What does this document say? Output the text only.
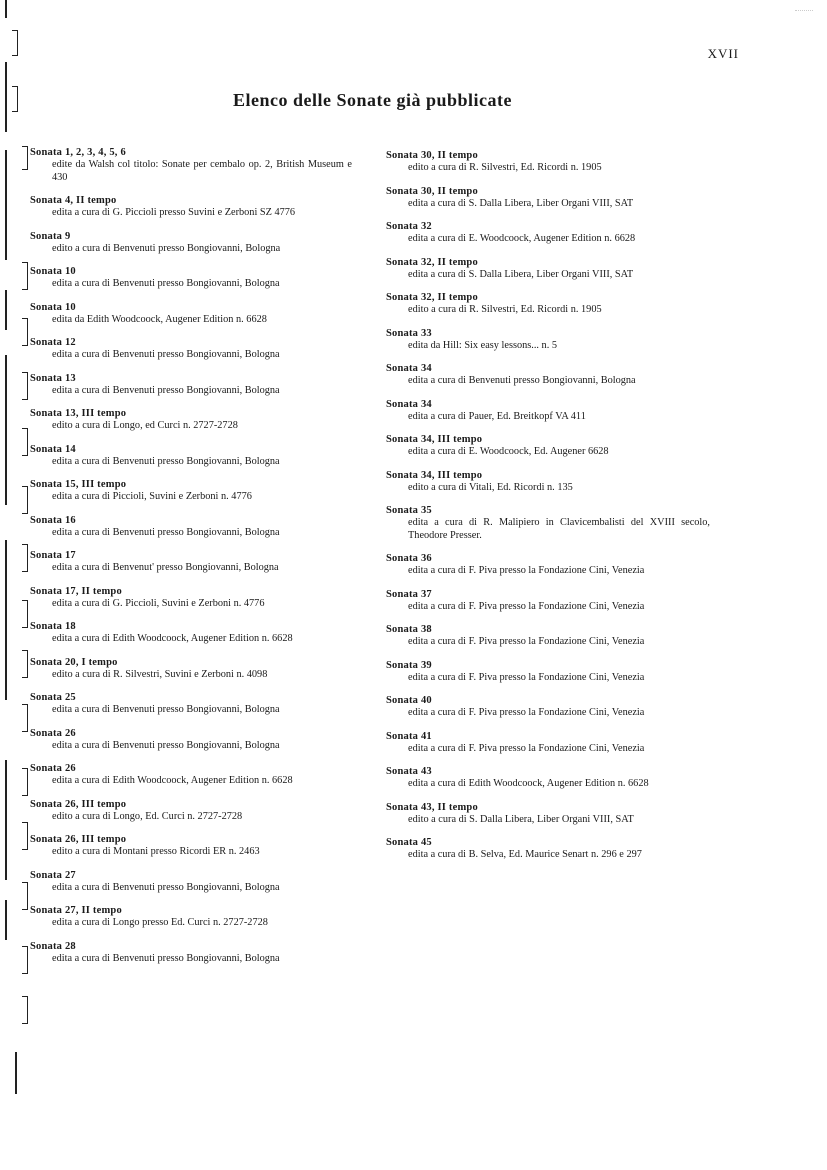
XVII
Elenco delle Sonate già pubblicate
Sonata 1, 2, 3, 4, 5, 6
edite da Walsh col titolo: Sonate per cembalo op. 2, British Museum e 430
Sonata 4, II tempo
edita a cura di G. Piccioli presso Suvini e Zerboni SZ 4776
Sonata 9
edito a cura di Benvenuti presso Bongiovanni, Bologna
Sonata 10
edita a cura di Benvenuti presso Bongiovanni, Bologna
Sonata 10
edita da Edith Woodcoock, Augener Edition n. 6628
Sonata 12
edita a cura di Benvenuti presso Bongiovanni, Bologna
Sonata 13
edita a cura di Benvenuti presso Bongiovanni, Bologna
Sonata 13, III tempo
edito a cura di Longo, ed Curci n. 2727-2728
Sonata 14
edita a cura di Benvenuti presso Bongiovanni, Bologna
Sonata 15, III tempo
edita a cura di Piccioli, Suvini e Zerboni n. 4776
Sonata 16
edita a cura di Benvenuti presso Bongiovanni, Bologna
Sonata 17
edita a cura di Benvenut' presso Bongiovanni, Bologna
Sonata 17, II tempo
edita a cura di G. Piccioli, Suvini e Zerboni n. 4776
Sonata 18
edita a cura di Edith Woodcoock, Augener Edition n. 6628
Sonata 20, I tempo
edito a cura di R. Silvestri, Suvini e Zerboni n. 4098
Sonata 25
edita a cura di Benvenuti presso Bongiovanni, Bologna
Sonata 26
edita a cura di Benvenuti presso Bongiovanni, Bologna
Sonata 26
edita a cura di Edith Woodcoock, Augener Edition n. 6628
Sonata 26, III tempo
edito a cura di Longo, Ed. Curci n. 2727-2728
Sonata 26, III tempo
edito a cura di Montani presso Ricordi ER n. 2463
Sonata 27
edita a cura di Benvenuti presso Bongiovanni, Bologna
Sonata 27, II tempo
edita a cura di Longo presso Ed. Curci n. 2727-2728
Sonata 28
edita a cura di Benvenuti presso Bongiovanni, Bologna
Sonata 30, II tempo
edito a cura di R. Silvestri, Ed. Ricordi n. 1905
Sonata 30, II tempo
edita a cura di S. Dalla Libera, Liber Organi VIII, SAT
Sonata 32
edita a cura di E. Woodcoock, Augener Edition n. 6628
Sonata 32, II tempo
edita a cura di S. Dalla Libera, Liber Organi VIII, SAT
Sonata 32, II tempo
edito a cura di R. Silvestri, Ed. Ricordi n. 1905
Sonata 33
edita da Hill: Six easy lessons... n. 5
Sonata 34
edita a cura di Benvenuti presso Bongiovanni, Bologna
Sonata 34
edita a cura di Pauer, Ed. Breitkopf VA 411
Sonata 34, III tempo
edita a cura di E. Woodcoock, Ed. Augener 6628
Sonata 34, III tempo
edito a cura di Vitali, Ed. Ricordi n. 135
Sonata 35
edita a cura di R. Malipiero in Clavicembalisti del XVIII secolo, Theodore Presser.
Sonata 36
edita a cura di F. Piva presso la Fondazione Cini, Venezia
Sonata 37
edita a cura di F. Piva presso la Fondazione Cini, Venezia
Sonata 38
edita a cura di F. Piva presso la Fondazione Cini, Venezia
Sonata 39
edita a cura di F. Piva presso la Fondazione Cini, Venezia
Sonata 40
edita a cura di F. Piva presso la Fondazione Cini, Venezia
Sonata 41
edita a cura di F. Piva presso la Fondazione Cini, Venezia
Sonata 43
edita a cura di Edith Woodcoock, Augener Edition n. 6628
Sonata 43, II tempo
edito a cura di S. Dalla Libera, Liber Organi VIII, SAT
Sonata 45
edita a cura di B. Selva, Ed. Maurice Senart n. 296 e 297
